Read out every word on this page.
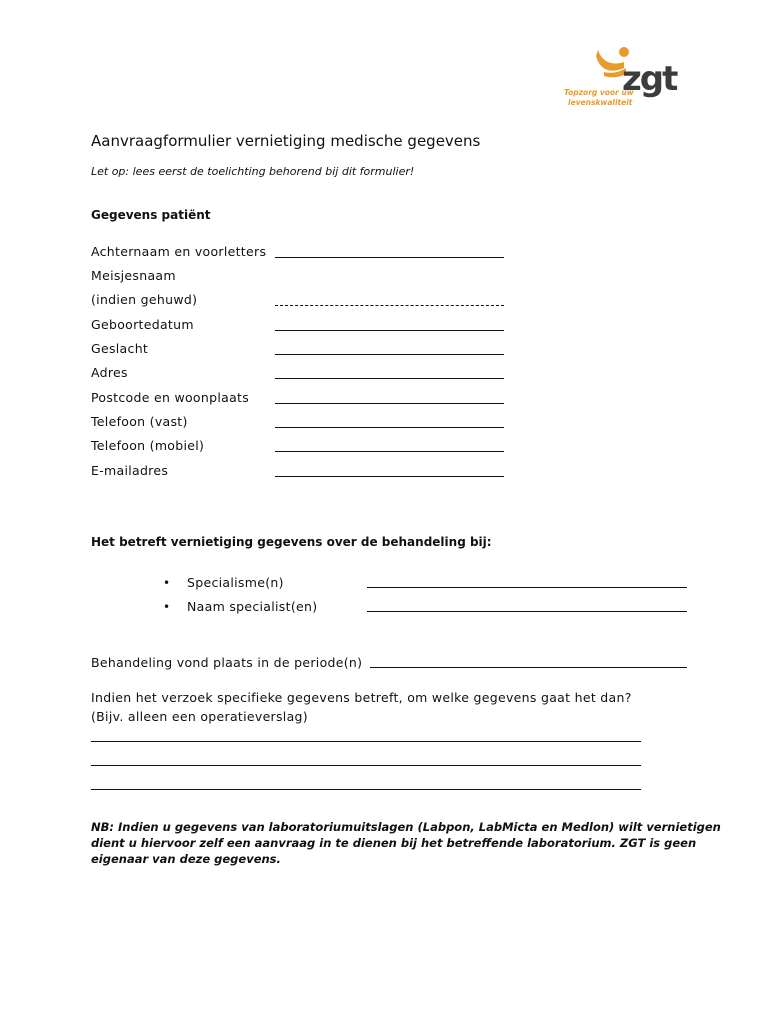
zgt
Topzorg voor uw
levenskwaliteit
Aanvraagformulier vernietiging medische gegevens
Let op: lees eerst de toelichting behorend bij dit formulier!
Gegevens patiënt
Achternaam en voorletters
Meisjesnaam
(indien gehuwd)
Geboortedatum
Geslacht
Adres
Postcode en woonplaats
Telefoon (vast)
Telefoon (mobiel)
E-mailadres
Het betreft vernietiging gegevens over de behandeling bij:
• Specialisme(n)
• Naam specialist(en)
Behandeling vond plaats in de periode(n)
Indien het verzoek specifieke gegevens betreft, om welke gegevens gaat het dan?
(Bijv. alleen een operatieverslag)
NB: Indien u gegevens van laboratoriumuitslagen (Labpon, LabMicta en Medlon) wilt vernietigen dient u hiervoor zelf een aanvraag in te dienen bij het betreffende laboratorium. ZGT is geen eigenaar van deze gegevens.
